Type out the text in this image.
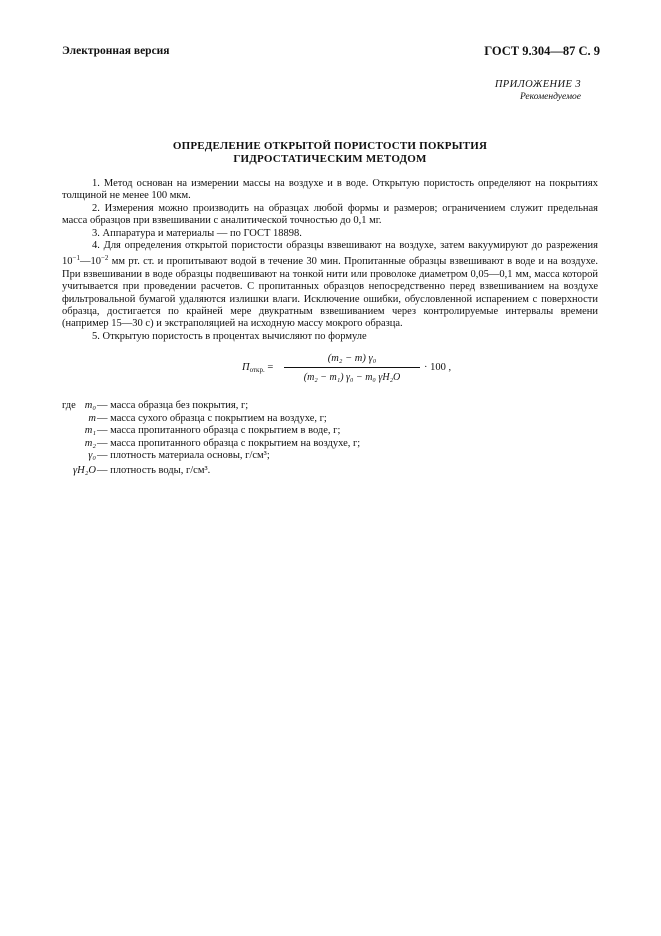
Электронная версия	ГОСТ 9.304—87 С. 9
ПРИЛОЖЕНИЕ 3
Рекомендуемое
ОПРЕДЕЛЕНИЕ ОТКРЫТОЙ ПОРИСТОСТИ ПОКРЫТИЯ
ГИДРОСТАТИЧЕСКИМ МЕТОДОМ

1. Метод основан на измерении массы на воздухе и в воде. Открытую пористость определяют на покрытиях толщиной не менее 100 мкм.

2. Измерения можно производить на образцах любой формы и размеров; ограничением служит предельная масса образцов при взвешивании с аналитической точностью до 0,1 мг.

3. Аппаратура и материалы — по ГОСТ 18898.

4. Для определения открытой пористости образцы взвешивают на воздухе, затем вакуумируют до разрежения $10^{-1}—10^{-2}$ мм рт. ст. и пропитывают водой в течение 30 мин. Пропитанные образцы взвешивают в воде и на воздухе. При взвешивании в воде образцы подвешивают на тонкой нити или проволоке диаметром 0,05—0,1 мм, масса которой учитывается при проведении расчетов. С пропитанных образцов непосредственно перед взвешиванием на воздухе фильтровальной бумагой удаляются излишки влаги. Исключение ошибки, обусловленной испарением с поверхности образца, достигается по крайней мере двукратным взвешиванием через контролируемые интервалы времени (например 15—30 с) и экстраполяцией на исходную массу мокрого образца.

5. Открытую пористость в процентах вычисляют по формуле

$П_{откр.}$ =
(m₂ − m) γ₀
(m₂ − m₁) γ₀ − m₀ γH₂O
· 100 ,
где m₀ — масса образца без покрытия, г;
m — масса сухого образца с покрытием на воздухе, г;
m₁ — масса пропитанного образца с покрытием в воде, г;
m₂ — масса пропитанного образца с покрытием на воздухе, г;
γ₀ — плотность материала основы, г/см³;
γH₂O — плотность воды, г/см³.
